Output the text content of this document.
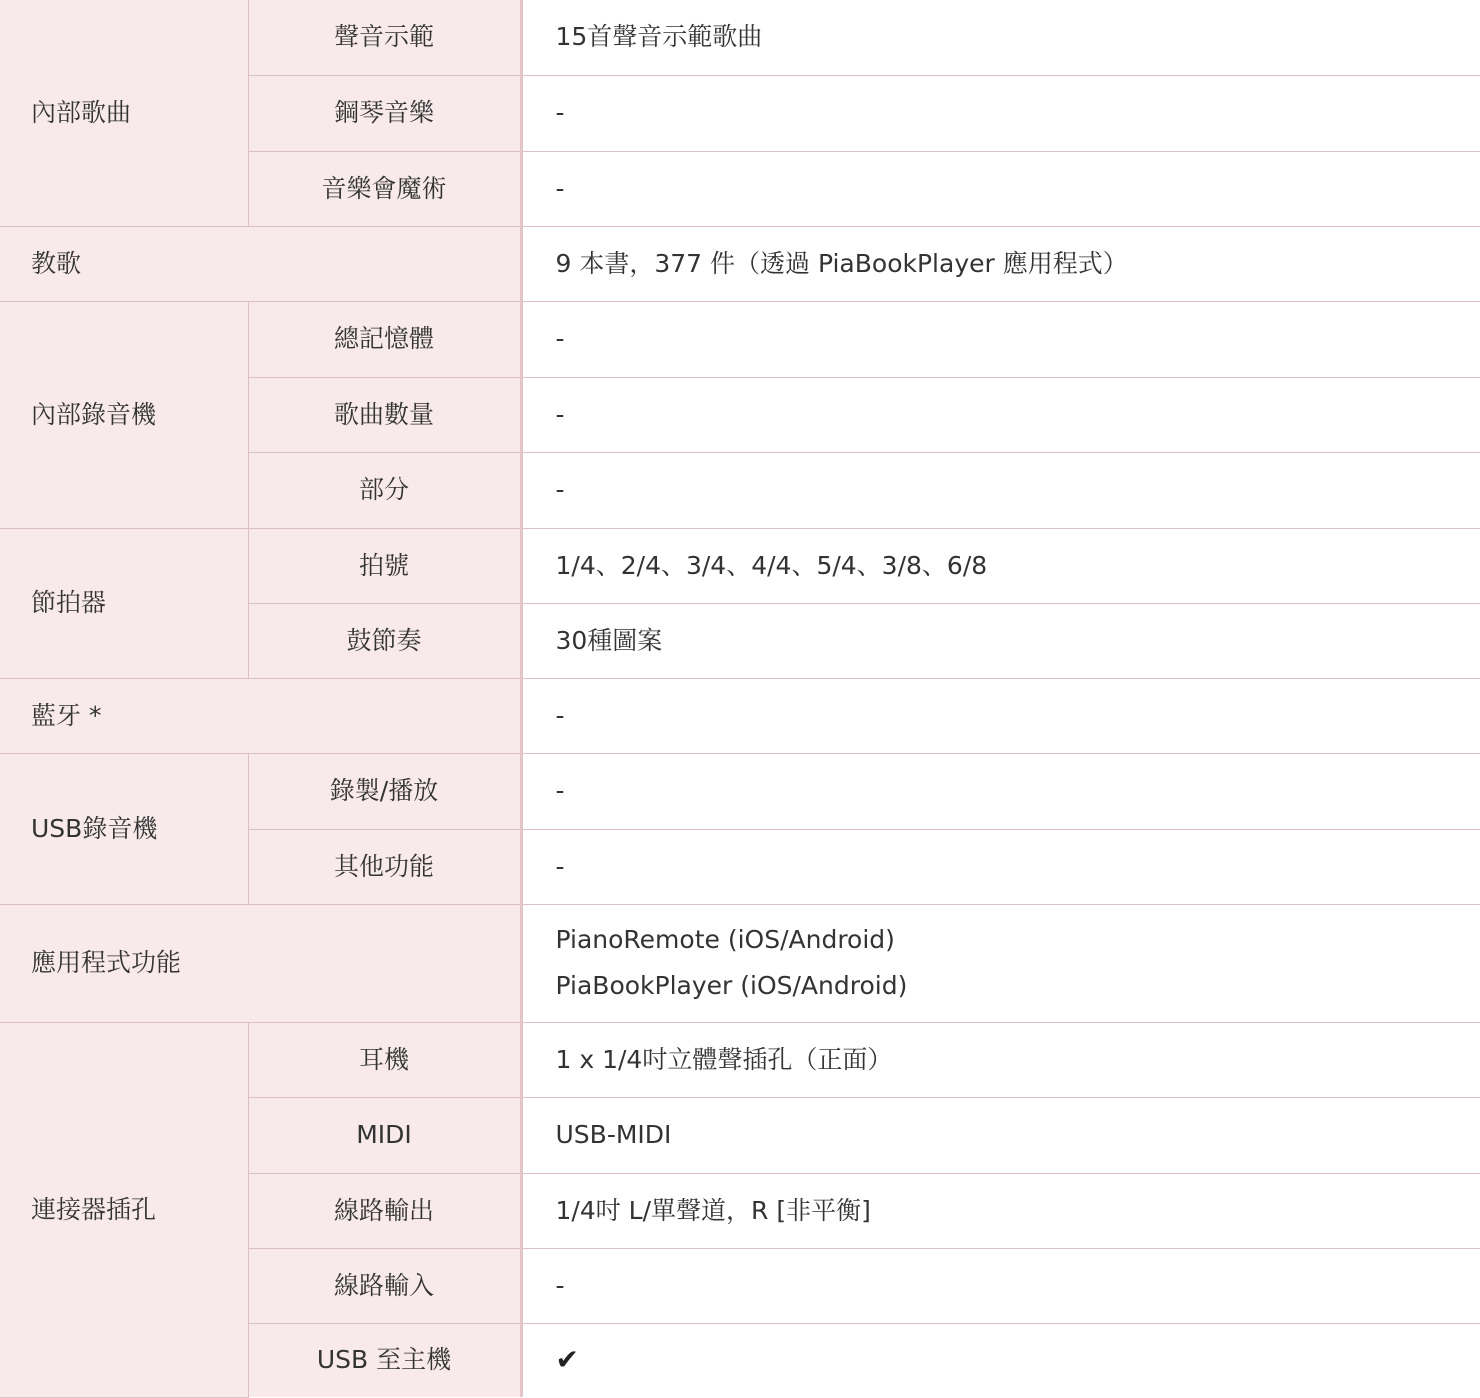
內部歌曲	聲音示範	15首聲音示範歌曲
	鋼琴音樂	-
	音樂會魔術	-
教歌		9 本書，377 件（透過 PiaBookPlayer 應用程式）
內部錄音機	總記憶體	-
	歌曲數量	-
	部分	-
節拍器	拍號	1/4、2/4、3/4、4/4、5/4、3/8、6/8
	鼓節奏	30種圖案
藍牙 *		-
USB錄音機	錄製/播放	-
	其他功能	-
應用程式功能		PianoRemote (iOS/Android)
PiaBookPlayer (iOS/Android)

連接器插孔	耳機	1 x 1/4吋立體聲插孔（正面）
	MIDI	USB-MIDI
	線路輸出	1/4吋 L/單聲道，R [非平衡]
	線路輸入	-
	USB 至主機	✔
